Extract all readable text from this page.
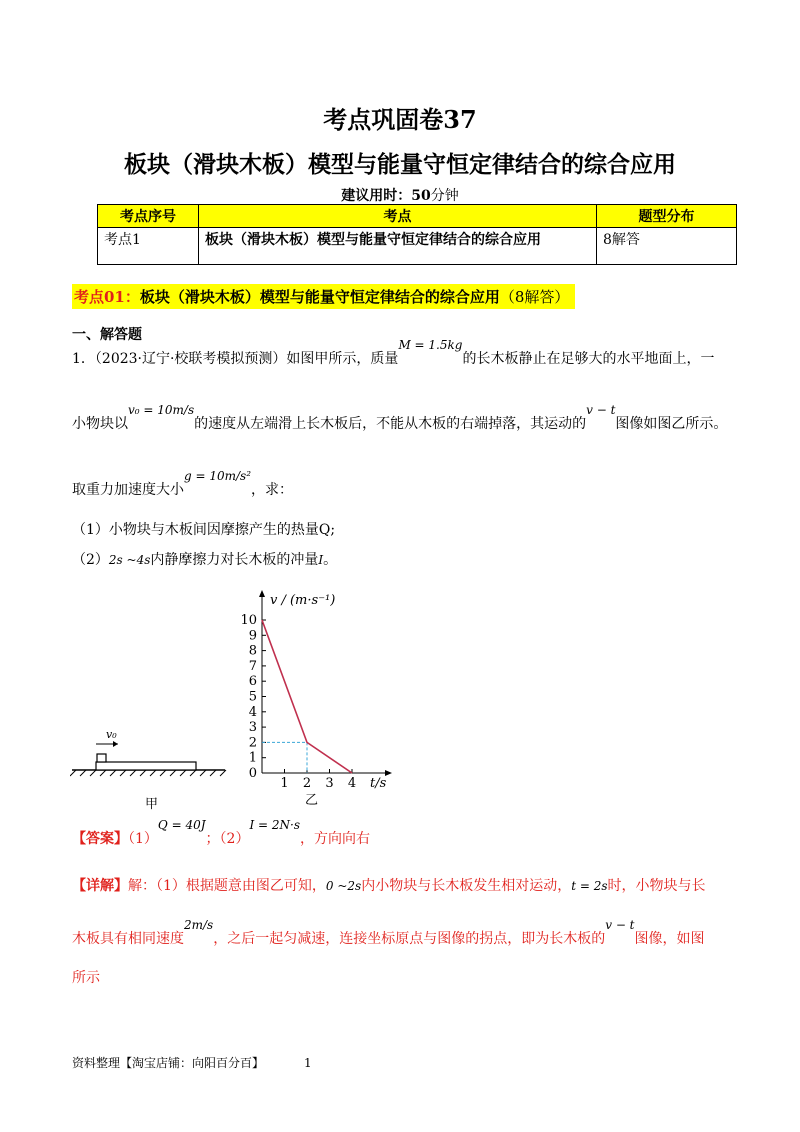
考点巩固卷37
板块（滑块木板）模型与能量守恒定律结合的综合应用
建议用时：50分钟
考点序号	考点	题型分布
考点1	板块（滑块木板）模型与能量守恒定律结合的综合应用	8解答
考点01：板块（滑块木板）模型与能量守恒定律结合的综合应用（8解答）
一、解答题
1．（2023·辽宁·校联考模拟预测）如图甲所示，质量M = 1.5kg的长木板静止在足够大的水平地面上，一
小物块以v₀ = 10m/s的速度从左端滑上长木板后，不能从木板的右端掉落，其运动的v − t图像如图乙所示。
取重力加速度大小g = 10m/s²，求：
（1）小物块与木板间因摩擦产生的热量Q;
（2）2s ~4s内静摩擦力对长木板的冲量I。
v₀
甲
1
2
3
4
5
6
7
8
9
10
1 2 3 4
0
v / (m·s⁻¹)
t/s
乙
【答案】（1）Q = 40J；（2）I = 2N·s，方向向右
【详解】解：（1）根据题意由图乙可知，0 ~2s内小物块与长木板发生相对运动，t = 2s时，小物块与长
木板具有相同速度2m/s，之后一起匀减速，连接坐标原点与图像的拐点，即为长木板的v − t图像，如图
所示
资料整理【淘宝店铺：向阳百分百】	1
